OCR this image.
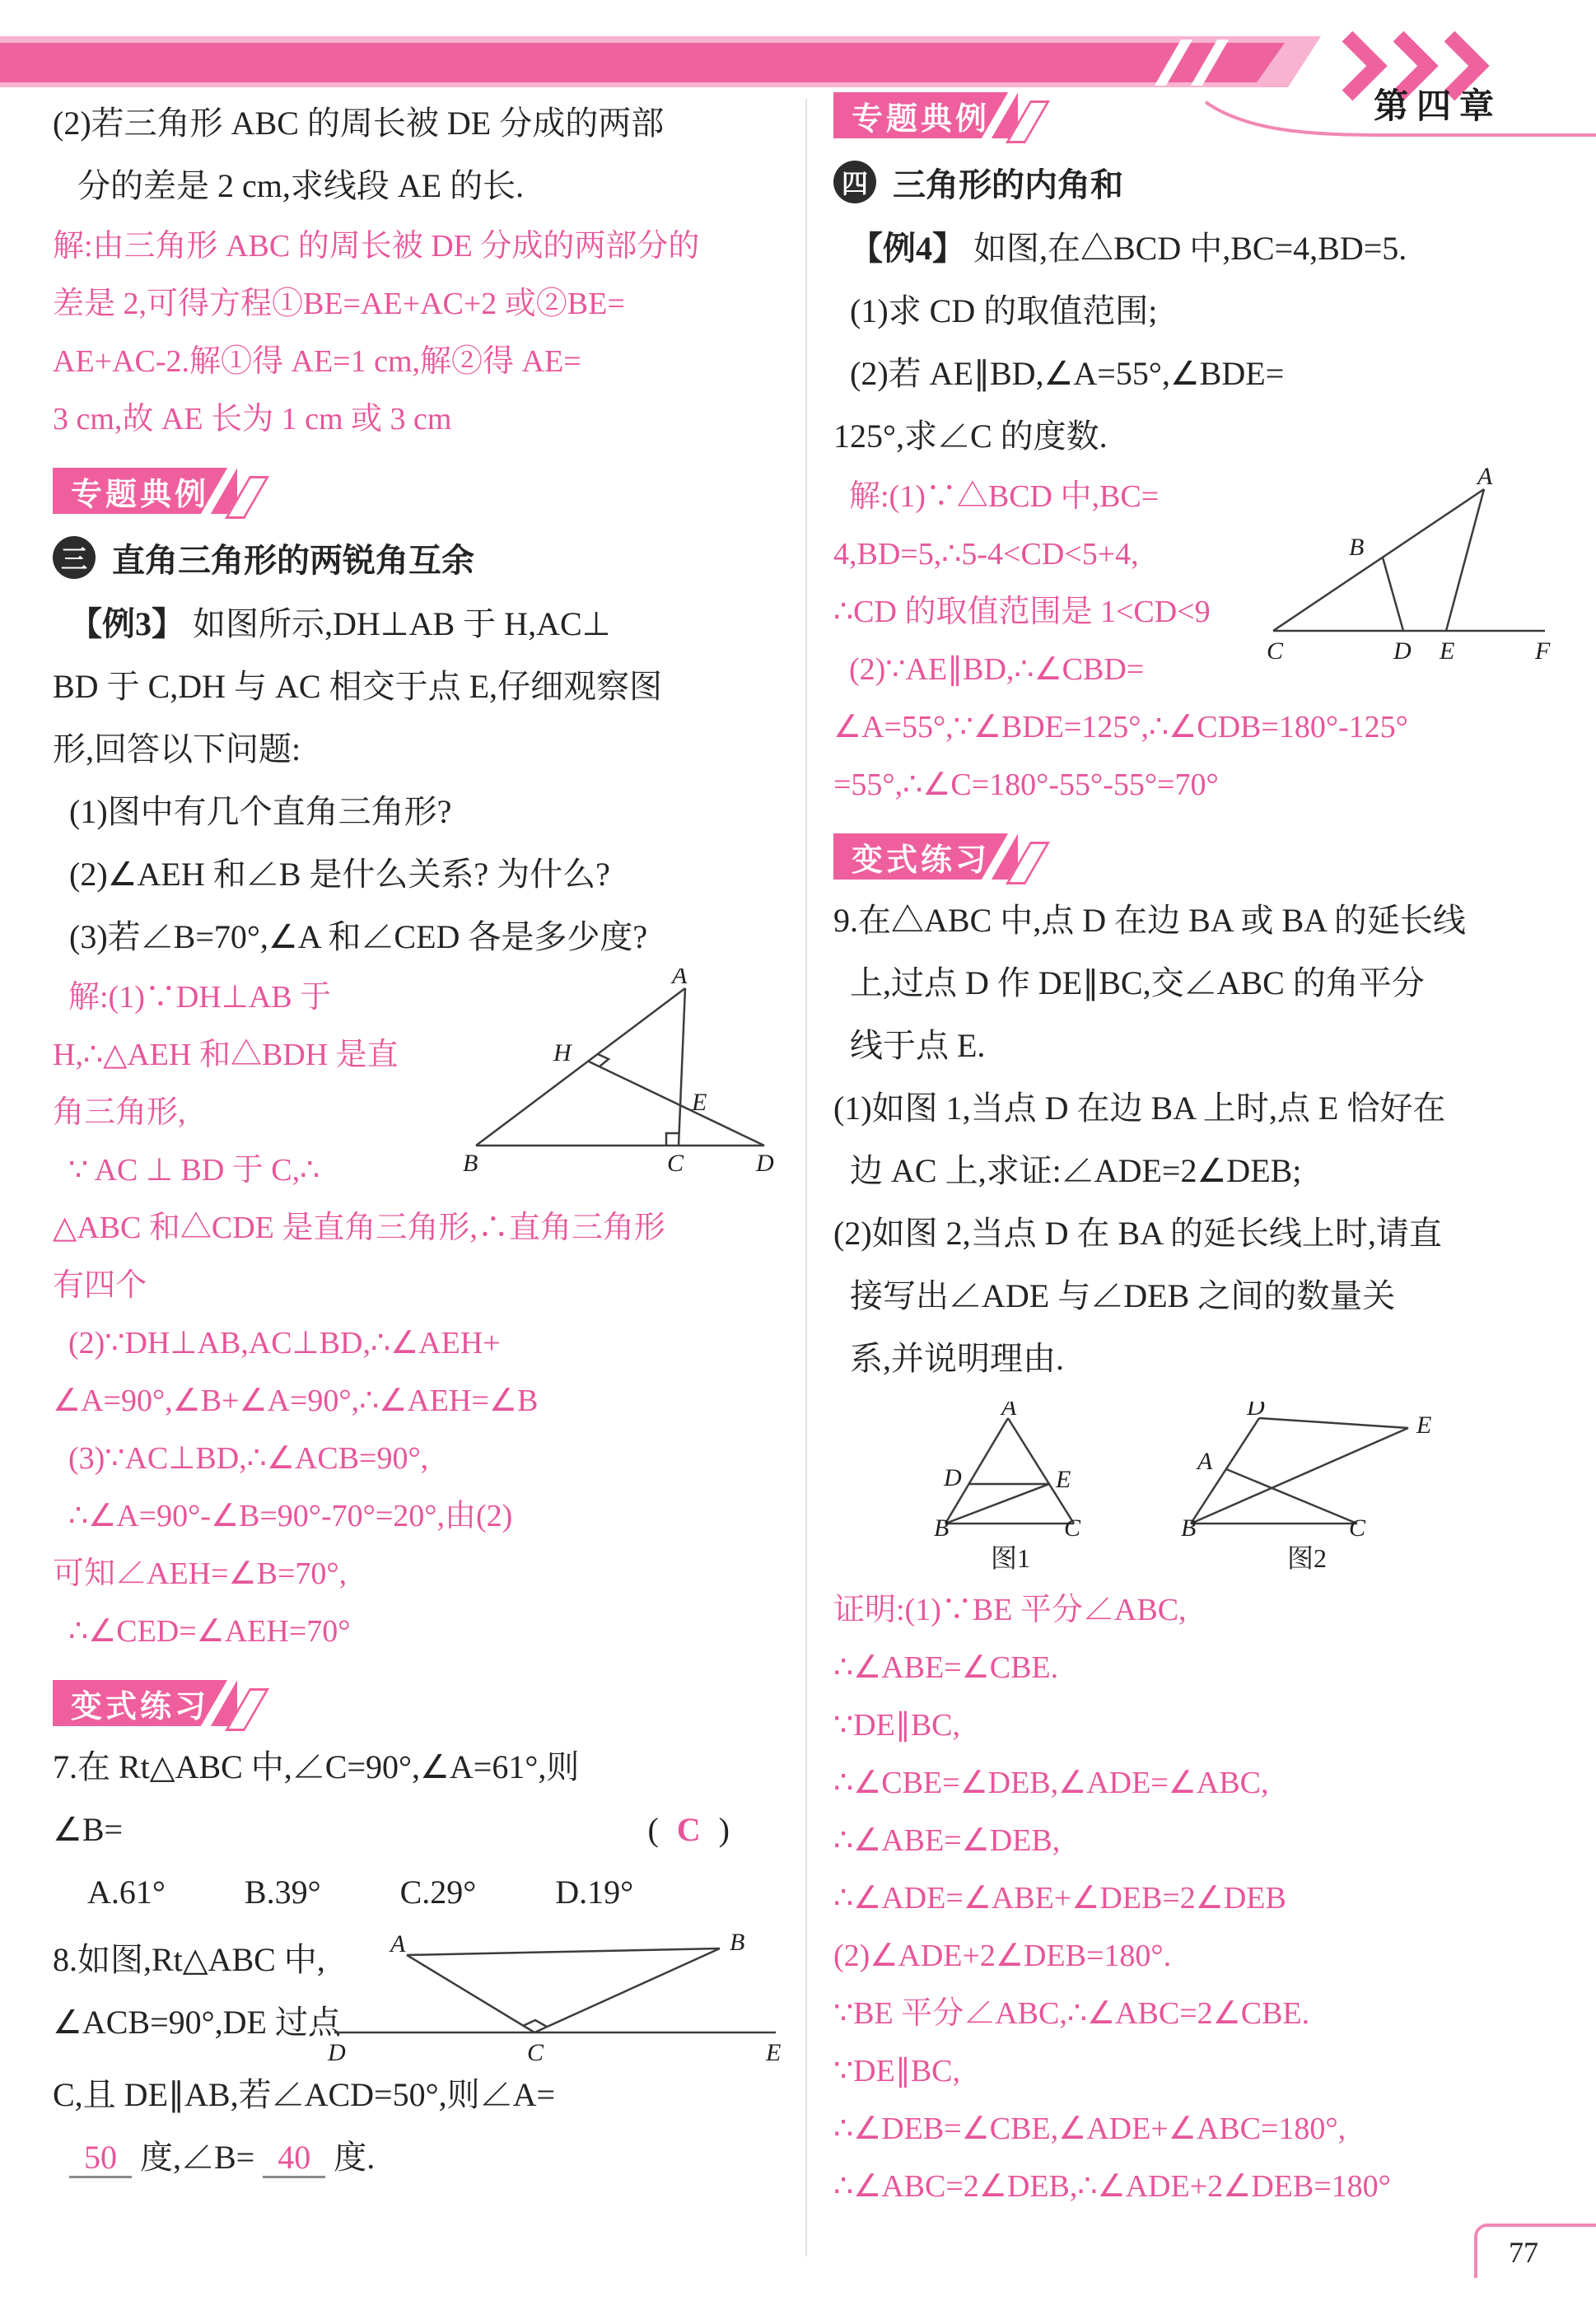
第四章
(2)若三角形 ABC 的周长被 DE 分成的两部
分的差是 2 cm,求线段 AE 的长.
解:由三角形 ABC 的周长被 DE 分成的两部分的
差是 2,可得方程①BE=AE+AC+2 或②BE=
AE+AC-2.解①得 AE=1 cm,解②得 AE=
3 cm,故 AE 长为 1 cm 或 3 cm
专题典例
三 直角三角形的两锐角互余
【例3】 如图所示,DH⊥AB 于 H,AC⊥
BD 于 C,DH 与 AC 相交于点 E,仔细观察图
形,回答以下问题:
(1)图中有几个直角三角形?
(2)∠AEH 和∠B 是什么关系? 为什么?
(3)若∠B=70°,∠A 和∠CED 各是多少度?
解:(1)∵DH⊥AB 于
H,∴△AEH 和△BDH 是直
角三角形,
∵ AC ⊥ BD 于 C,∴
A
H
E
B	C	D
△ABC 和△CDE 是直角三角形,∴直角三角形
有四个
(2)∵DH⊥AB,AC⊥BD,∴∠AEH+
∠A=90°,∠B+∠A=90°,∴∠AEH=∠B
(3)∵AC⊥BD,∴∠ACB=90°,
∴∠A=90°-∠B=90°-70°=20°,由(2)
可知∠AEH=∠B=70°,
∴∠CED=∠AEH=70°
变式练习
7.在 Rt△ABC 中,∠C=90°,∠A=61°,则
∠B=	( C )
A.61° B.39° C.29° D.19°
8.如图,Rt△ABC 中,
∠ACB=90°,DE 过点
A	B
D	C	E
C,且 DE∥AB,若∠ACD=50°,则∠A=
50 度,∠B= 40 度.
专题典例
四 三角形的内角和
【例4】 如图,在△BCD 中,BC=4,BD=5.
(1)求 CD 的取值范围;
(2)若 AE∥BD,∠A=55°,∠BDE=
125°,求∠C 的度数.
解:(1)∵△BCD 中,BC=
4,BD=5,∴5-4<CD<5+4,
∴CD 的取值范围是 1<CD<9
(2)∵AE∥BD,∴∠CBD=
A
B
C	D E	F
∠A=55°,∵∠BDE=125°,∴∠CDB=180°-125°
=55°,∴∠C=180°-55°-55°=70°
变式练习
9.在△ABC 中,点 D 在边 BA 或 BA 的延长线
上,过点 D 作 DE∥BC,交∠ABC 的角平分
线于点 E.
(1)如图 1,当点 D 在边 BA 上时,点 E 恰好在
边 AC 上,求证:∠ADE=2∠DEB;
(2)如图 2,当点 D 在 BA 的延长线上时,请直
接写出∠ADE 与∠DEB 之间的数量关
系,并说明理由.
A
D	E
B	C
图1
D
E
A
B	C
图2
证明:(1)∵BE 平分∠ABC,
∴∠ABE=∠CBE.
∵DE∥BC,
∴∠CBE=∠DEB,∠ADE=∠ABC,
∴∠ABE=∠DEB,
∴∠ADE=∠ABE+∠DEB=2∠DEB
(2)∠ADE+2∠DEB=180°.
∵BE 平分∠ABC,∴∠ABC=2∠CBE.
∵DE∥BC,
∴∠DEB=∠CBE,∠ADE+∠ABC=180°,
∴∠ABC=2∠DEB,∴∠ADE+2∠DEB=180°
77
